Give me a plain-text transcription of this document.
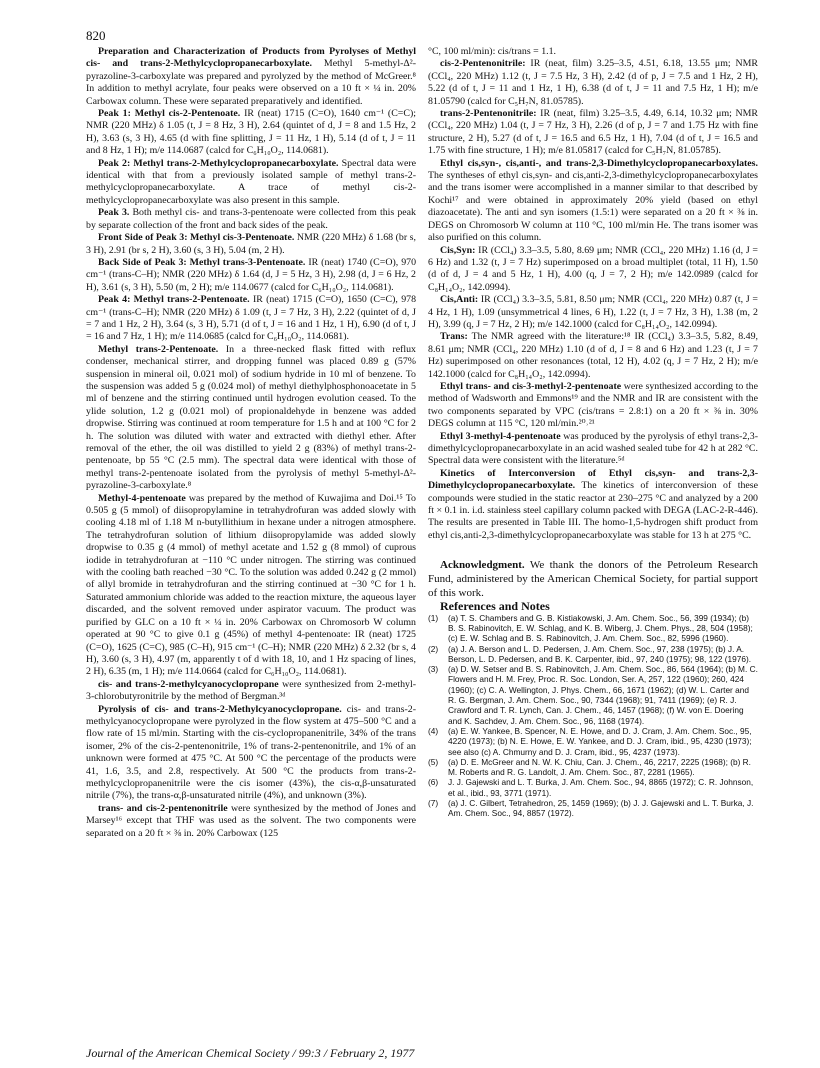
820

Preparation and Characterization of Products from Pyrolyses of Methyl cis- and trans-2-Methylcyclopropanecarboxylate. Methyl 5-methyl-Δ²-pyrazoline-3-carboxylate was prepared and pyrolyzed by the method of McGreer.⁸ In addition to methyl acrylate, four peaks were observed on a 10 ft × ¼ in. 20% Carbowax column. These were separated preparatively and identified.

Peak 1: Methyl cis-2-Pentenoate. IR (neat) 1715 (C=O), 1640 cm⁻¹ (C=C); NMR (220 MHz) δ 1.05 (t, J = 8 Hz, 3 H), 2.64 (quintet of d, J = 8 and 1.5 Hz, 2 H), 3.63 (s, 3 H), 4.65 (d with fine splitting, J = 11 Hz, 1 H), 5.14 (d of t, J = 11 and 8 Hz, 1 H); m/e 114.0687 (calcd for C₆H₁₀O₂, 114.0681).

Peak 2: Methyl trans-2-Methylcyclopropanecarboxylate. Spectral data were identical with that from a previously isolated sample of methyl trans-2-methylcyclopropanecarboxylate. A trace of methyl cis-2-methylcyclopropanecarboxylate was also present in this sample.

Peak 3. Both methyl cis- and trans-3-pentenoate were collected from this peak by separate collection of the front and back sides of the peak.

Front Side of Peak 3: Methyl cis-3-Pentenoate. NMR (220 MHz) δ 1.68 (br s, 3 H), 2.91 (br s, 2 H), 3.60 (s, 3 H), 5.04 (m, 2 H).

Back Side of Peak 3: Methyl trans-3-Pentenoate. IR (neat) 1740 (C=O), 970 cm⁻¹ (trans-C–H); NMR (220 MHz) δ 1.64 (d, J = 5 Hz, 3 H), 2.98 (d, J = 6 Hz, 2 H), 3.61 (s, 3 H), 5.50 (m, 2 H); m/e 114.0677 (calcd for C₆H₁₀O₂, 114.0681).

Peak 4: Methyl trans-2-Pentenoate. IR (neat) 1715 (C=O), 1650 (C=C), 978 cm⁻¹ (trans-C–H); NMR (220 MHz) δ 1.09 (t, J = 7 Hz, 3 H), 2.22 (quintet of d, J = 7 and 1 Hz, 2 H), 3.64 (s, 3 H), 5.71 (d of t, J = 16 and 1 Hz, 1 H), 6.90 (d of t, J = 16 and 7 Hz, 1 H); m/e 114.0685 (calcd for C₆H₁₀O₂, 114.0681).

Methyl trans-2-Pentenoate. In a three-necked flask fitted with reflux condenser, mechanical stirrer, and dropping funnel was placed 0.89 g (57% suspension in mineral oil, 0.021 mol) of sodium hydride in 10 ml of benzene. To the suspension was added 5 g (0.024 mol) of methyl diethylphosphonoacetate in 5 ml of benzene and the stirring continued until hydrogen evolution ceased. To the ylide solution, 1.2 g (0.021 mol) of propionaldehyde in benzene was added dropwise. Stirring was continued at room temperature for 1.5 h and at 100 °C for 2 h. The solution was diluted with water and extracted with diethyl ether. After removal of the ether, the oil was distilled to yield 2 g (83%) of methyl trans-2-pentenoate, bp 55 °C (2.5 mm). The spectral data were identical with those of methyl trans-2-pentenoate isolated from the pyrolysis of methyl 5-methyl-Δ²-pyrazoline-3-carboxylate.⁸

Methyl-4-pentenoate was prepared by the method of Kuwajima and Doi.¹⁵ To 0.505 g (5 mmol) of diisopropylamine in tetrahydrofuran was added slowly with cooling 4.18 ml of 1.18 M n-butyllithium in hexane under a nitrogen atmosphere. The tetrahydrofuran solution of lithium diisopropylamide was added slowly dropwise to 0.35 g (4 mmol) of methyl acetate and 1.52 g (8 mmol) of cuprous iodide in tetrahydrofuran at −110 °C under nitrogen. The stirring was continued with the cooling bath reached −30 °C. To the solution was added 0.242 g (2 mmol) of allyl bromide in tetrahydrofuran and the stirring continued at −30 °C for 1 h. Saturated ammonium chloride was added to the reaction mixture, the aqueous layer discarded, and the solvent removed under aspirator vacuum. The product was purified by GLC on a 10 ft × ¼ in. 20% Carbowax on Chromosorb W column operated at 90 °C to give 0.1 g (45%) of methyl 4-pentenoate: IR (neat) 1725 (C=O), 1625 (C=C), 985 (C–H), 915 cm⁻¹ (C–H); NMR (220 MHz) δ 2.32 (br s, 4 H), 3.60 (s, 3 H), 4.97 (m, apparently t of d with 18, 10, and 1 Hz spacing of lines, 2 H), 6.35 (m, 1 H); m/e 114.0664 (calcd for C₆H₁₀O₂, 114.0681).

cis- and trans-2-methylcyanocyclopropane were synthesized from 2-methyl-3-chlorobutyronitrile by the method of Bergman.³ᵈ

Pyrolysis of cis- and trans-2-Methylcyanocyclopropane. cis- and trans-2-methylcyanocyclopropane were pyrolyzed in the flow system at 475–500 °C and a flow rate of 15 ml/min. Starting with the cis-cyclopropanenitrile, 34% of the trans isomer, 2% of the cis-2-pentenonitrile, 1% of trans-2-pentenonitrile, and 1% of an unknown were formed at 475 °C. At 500 °C the percentage of the products were 41, 1.6, 3.5, and 2.8, respectively. At 500 °C the products from trans-2-methylcyclopropanenitrile were the cis isomer (43%), the cis-α,β-unsaturated nitrile (7%), the trans-α,β-unsaturated nitrile (4%), and unknown (3%).

trans- and cis-2-pentenonitrile were synthesized by the method of Jones and Marsey¹⁶ except that THF was used as the solvent. The two components were separated on a 20 ft × ⅜ in. 20% Carbowax (125

°C, 100 ml/min): cis/trans = 1.1.

cis-2-Pentenonitrile: IR (neat, film) 3.25–3.5, 4.51, 6.18, 13.55 μm; NMR (CCl₄, 220 MHz) 1.12 (t, J = 7.5 Hz, 3 H), 2.42 (d of p, J = 7.5 and 1 Hz, 2 H), 5.22 (d of t, J = 11 and 1 Hz, 1 H), 6.38 (d of t, J = 11 and 7.5 Hz, 1 H); m/e 81.05790 (calcd for C₅H₇N, 81.05785).

trans-2-Pentenonitrile: IR (neat, film) 3.25–3.5, 4.49, 6.14, 10.32 μm; NMR (CCl₄, 220 MHz) 1.04 (t, J = 7 Hz, 3 H), 2.26 (d of p, J = 7 and 1.75 Hz with fine structure, 2 H), 5.27 (d of t, J = 16.5 and 6.5 Hz, 1 H), 7.04 (d of t, J = 16.5 and 1.75 with fine structure, 1 H); m/e 81.05817 (calcd for C₅H₇N, 81.05785).

Ethyl cis,syn-, cis,anti-, and trans-2,3-Dimethylcyclopropanecarboxylates. The syntheses of ethyl cis,syn- and cis,anti-2,3-dimethylcyclopropanecarboxylates and the trans isomer were accomplished in a manner similar to that described by Kochi¹⁷ and were obtained in approximately 20% yield (based on ethyl diazoacetate). The anti and syn isomers (1.5:1) were separated on a 20 ft × ⅜ in. DEGS on Chromosorb W column at 110 °C, 100 ml/min He. The trans isomer was also purified on this column.

Cis,Syn: IR (CCl₄) 3.3–3.5, 5.80, 8.69 μm; NMR (CCl₄, 220 MHz) 1.16 (d, J = 6 Hz) and 1.32 (t, J = 7 Hz) superimposed on a broad multiplet (total, 11 H), 1.50 (d of d, J = 4 and 5 Hz, 1 H), 4.00 (q, J = 7, 2 H); m/e 142.0989 (calcd for C₈H₁₄O₂, 142.0994).

Cis,Anti: IR (CCl₄) 3.3–3.5, 5.81, 8.50 μm; NMR (CCl₄, 220 MHz) 0.87 (t, J = 4 Hz, 1 H), 1.09 (unsymmetrical 4 lines, 6 H), 1.22 (t, J = 7 Hz, 3 H), 1.38 (m, 2 H), 3.99 (q, J = 7 Hz, 2 H); m/e 142.1000 (calcd for C₈H₁₄O₂, 142.0994).

Trans: The NMR agreed with the literature:¹⁸ IR (CCl₄) 3.3–3.5, 5.82, 8.49, 8.61 μm; NMR (CCl₄, 220 MHz) 1.10 (d of d, J = 8 and 6 Hz) and 1.23 (t, J = 7 Hz) superimposed on other resonances (total, 12 H), 4.02 (q, J = 7 Hz, 2 H); m/e 142.1000 (calcd for C₈H₁₄O₂, 142.0994).

Ethyl trans- and cis-3-methyl-2-pentenoate were synthesized according to the method of Wadsworth and Emmons¹⁹ and the NMR and IR are consistent with the two components separated by VPC (cis/trans = 2.8:1) on a 20 ft × ⅜ in. 30% DEGS column at 115 °C, 120 ml/min.²⁰˒²¹

Ethyl 3-methyl-4-pentenoate was produced by the pyrolysis of ethyl trans-2,3-dimethylcyclopropanecarboxylate in an acid washed sealed tube for 42 h at 282 °C. Spectral data were consistent with the literature.⁵ᵈ

Kinetics of Interconversion of Ethyl cis,syn- and trans-2,3-Dimethylcyclopropanecarboxylate. The kinetics of interconversion of these compounds were studied in the static reactor at 230–275 °C and analyzed by a 200 ft × 0.1 in. i.d. stainless steel capillary column packed with DEGA (LAC-2-R-446). The results are presented in Table III. The homo-1,5-hydrogen shift product from ethyl cis,anti-2,3-dimethylcyclopropanecarboxylate was stable for 13 h at 275 °C.

Acknowledgment. We thank the donors of the Petroleum Research Fund, administered by the American Chemical Society, for partial support of this work.

References and Notes

(1) (a) T. S. Chambers and G. B. Kistiakowski, J. Am. Chem. Soc., 56, 399 (1934); (b) B. S. Rabinovitch, E. W. Schlag, and K. B. Wiberg, J. Chem. Phys., 28, 504 (1958); (c) E. W. Schlag and B. S. Rabinovitch, J. Am. Chem. Soc., 82, 5996 (1960).
(2) (a) J. A. Berson and L. D. Pedersen, J. Am. Chem. Soc., 97, 238 (1975); (b) J. A. Berson, L. D. Pedersen, and B. K. Carpenter, ibid., 97, 240 (1975); 98, 122 (1976).
(3) (a) D. W. Setser and B. S. Rabinovitch, J. Am. Chem. Soc., 86, 564 (1964); (b) M. C. Flowers and H. M. Frey, Proc. R. Soc. London, Ser. A, 257, 122 (1960); 260, 424 (1960); (c) C. A. Wellington, J. Phys. Chem., 66, 1671 (1962); (d) W. L. Carter and R. G. Bergman, J. Am. Chem. Soc., 90, 7344 (1968); 91, 7411 (1969); (e) R. J. Crawford and T. R. Lynch, Can. J. Chem., 46, 1457 (1968); (f) W. von E. Doering and K. Sachdev, J. Am. Chem. Soc., 96, 1168 (1974).
(4) (a) E. W. Yankee, B. Spencer, N. E. Howe, and D. J. Cram, J. Am. Chem. Soc., 95, 4220 (1973); (b) N. E. Howe, E. W. Yankee, and D. J. Cram, ibid., 95, 4230 (1973); see also (c) A. Chmurny and D. J. Cram, ibid., 95, 4237 (1973).
(5) (a) D. E. McGreer and N. W. K. Chiu, Can. J. Chem., 46, 2217, 2225 (1968); (b) R. M. Roberts and R. G. Landolt, J. Am. Chem. Soc., 87, 2281 (1965).
(6) J. J. Gajewski and L. T. Burka, J. Am. Chem. Soc., 94, 8865 (1972); C. R. Johnson, et al., ibid., 93, 3771 (1971).
(7) (a) J. C. Gilbert, Tetrahedron, 25, 1459 (1969); (b) J. J. Gajewski and L. T. Burka, J. Am. Chem. Soc., 94, 8857 (1972).
Journal of the American Chemical Society / 99:3 / February 2, 1977
